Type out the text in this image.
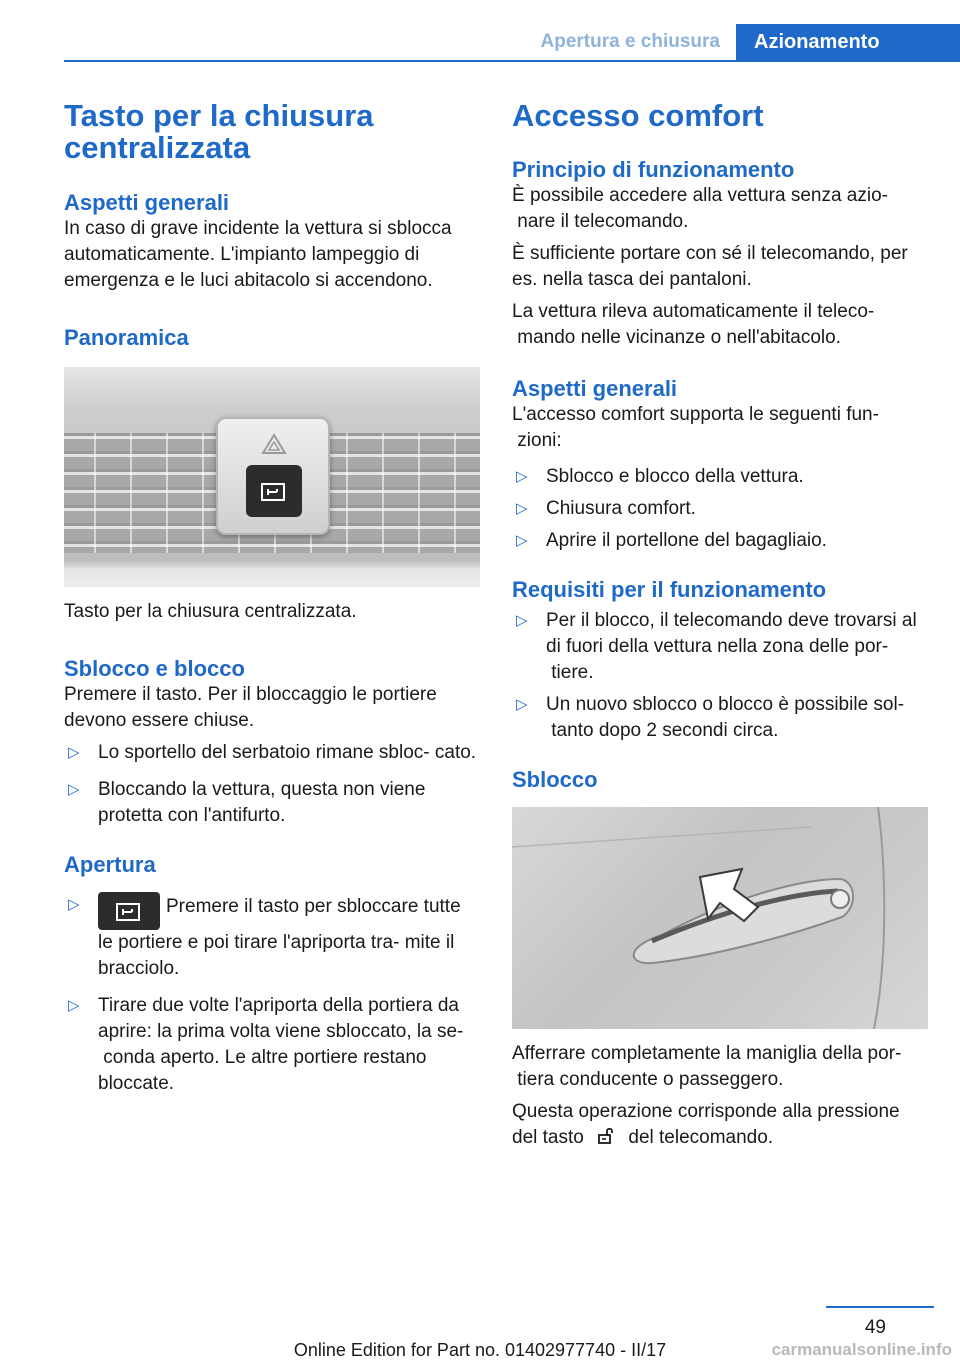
Apertura e chiusura	Azionamento
Tasto per la chiusura centralizzata
Aspetti generali

In caso di grave incidente la vettura si sblocca automaticamente. L'impianto lampeggio di emergenza e le luci abitacolo si accendono.

Panoramica

Tasto per la chiusura centralizzata.

Sblocco e blocco

Premere il tasto. Per il bloccaggio le portiere devono essere chiuse.

▷ Lo sportello del serbatoio rimane sbloc- cato.
▷ Bloccando la vettura, questa non viene protetta con l'antifurto.
Apertura
▷	Premere il tasto per sbloccare tutte le portiere e poi tirare l'apriporta tra- mite il bracciolo.
▷ Tirare due volte l'apriporta della portiera da aprire: la prima volta viene sbloccato, la se- conda aperto. Le altre portiere restano bloccate.
Accesso comfort
Principio di funzionamento

È possibile accedere alla vettura senza azio- nare il telecomando.

È sufficiente portare con sé il telecomando, per es. nella tasca dei pantaloni.

La vettura rileva automaticamente il teleco- mando nelle vicinanze o nell'abitacolo.

Aspetti generali

L'accesso comfort supporta le seguenti fun- zioni:

▷ Sblocco e blocco della vettura.
▷ Chiusura comfort.
▷ Aprire il portellone del bagagliaio.
Requisiti per il funzionamento
▷ Per il blocco, il telecomando deve trovarsi al di fuori della vettura nella zona delle por- tiere.
▷ Un nuovo sblocco o blocco è possibile sol- tanto dopo 2 secondi circa.
Sblocco

Afferrare completamente la maniglia della por- tiera conducente o passeggero.

Questa operazione corrisponde alla pressione del tasto del telecomando.

49
Online Edition for Part no. 01402977740 - II/17	carmanualsonline.info
